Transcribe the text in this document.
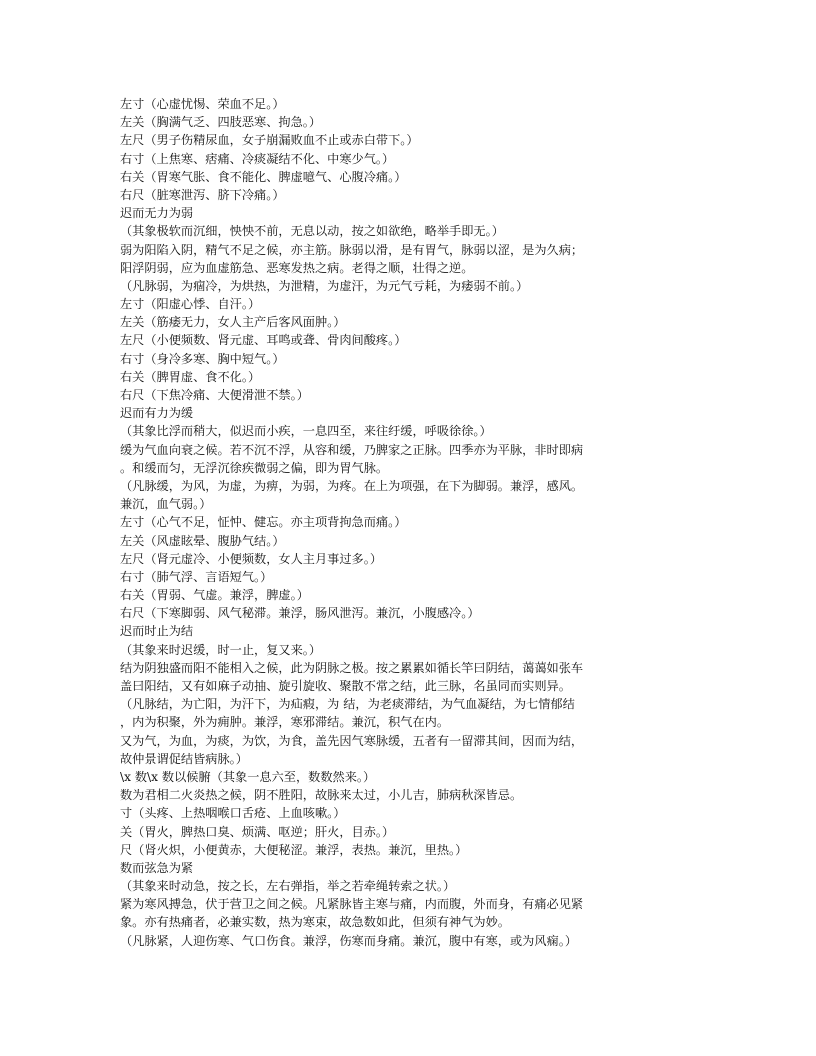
左寸（心虚忧惕、荣血不足。）
左关（胸满气乏、四肢恶寒、拘急。）
左尺（男子伤精尿血，女子崩漏败血不止或赤白带下。）
右寸（上焦寒、痞痛、冷痰凝结不化、中寒少气。）
右关（胃寒气胀、食不能化、脾虚噫气、心腹冷痛。）
右尺（脏寒泄泻、脐下冷痛。）
迟而无力为弱
（其象极软而沉细，怏怏不前，无息以动，按之如欲绝，略举手即无。）
弱为阳陷入阴，精气不足之候，亦主筋。脉弱以滑，是有胃气，脉弱以涩，是为久病；
阳浮阴弱，应为血虚筋急、恶寒发热之病。老得之顺，壮得之逆。
（凡脉弱，为痼冷，为烘热，为泄精，为虚汗，为元气亏耗，为痿弱不前。）
左寸（阳虚心悸、自汗。）
左关（筋痿无力，女人主产后客风面肿。）
左尺（小便频数、肾元虚、耳鸣或聋、骨肉间酸疼。）
右寸（身冷多寒、胸中短气。）
右关（脾胃虚、食不化。）
右尺（下焦冷痛、大便滑泄不禁。）
迟而有力为缓
（其象比浮而稍大，似迟而小疾，一息四至，来往纡缓，呼吸徐徐。）
缓为气血向衰之候。若不沉不浮，从容和缓，乃脾家之正脉。四季亦为平脉，非时即病
。和缓而匀，无浮沉徐疾微弱之偏，即为胃气脉。
（凡脉缓，为风，为虚，为痹，为弱，为疼。在上为项强，在下为脚弱。兼浮，感风。
兼沉，血气弱。）
左寸（心气不足，怔忡、健忘。亦主项背拘急而痛。）
左关（风虚眩晕、腹胁气结。）
左尺（肾元虚冷、小便频数，女人主月事过多。）
右寸（肺气浮、言语短气。）
右关（胃弱、气虚。兼浮，脾虚。）
右尺（下寒脚弱、风气秘滞。兼浮，肠风泄泻。兼沉，小腹感冷。）
迟而时止为结
（其象来时迟缓，时一止，复又来。）
结为阴独盛而阳不能相入之候，此为阴脉之极。按之累累如循长竿曰阴结，蔼蔼如张车
盖曰阳结，又有如麻子动抽、旋引旋收、聚散不常之结，此三脉，名虽同而实则异。
（凡脉结，为亡阳，为汗下，为疝瘕，为 结，为老痰滞结，为气血凝结，为七情郁结
，内为积聚，外为痈肿。兼浮，寒邪滞结。兼沉，积气在内。
又为气，为血，为痰，为饮，为食，盖先因气寒脉缓，五者有一留滞其间，因而为结，
故仲景谓促结皆病脉。）
\x 数\x 数以候腑（其象一息六至，数数然来。）
数为君相二火炎热之候，阴不胜阳，故脉来太过，小儿吉，肺病秋深皆忌。
寸（头疼、上热咽喉口舌疮、上血咳嗽。）
关（胃火，脾热口臭、烦满、呕逆；肝火，目赤。）
尺（肾火炽，小便黄赤，大便秘涩。兼浮，表热。兼沉，里热。）
数而弦急为紧
（其象来时动急，按之长，左右弹指，举之若牵绳转索之状。）
紧为寒风搏急，伏于营卫之间之候。凡紧脉皆主寒与痛，内而腹，外而身，有痛必见紧
象。亦有热痛者，必兼实数，热为寒束，故急数如此，但须有神气为妙。
（凡脉紧，人迎伤寒、气口伤食。兼浮，伤寒而身痛。兼沉，腹中有寒，或为风痫。）
